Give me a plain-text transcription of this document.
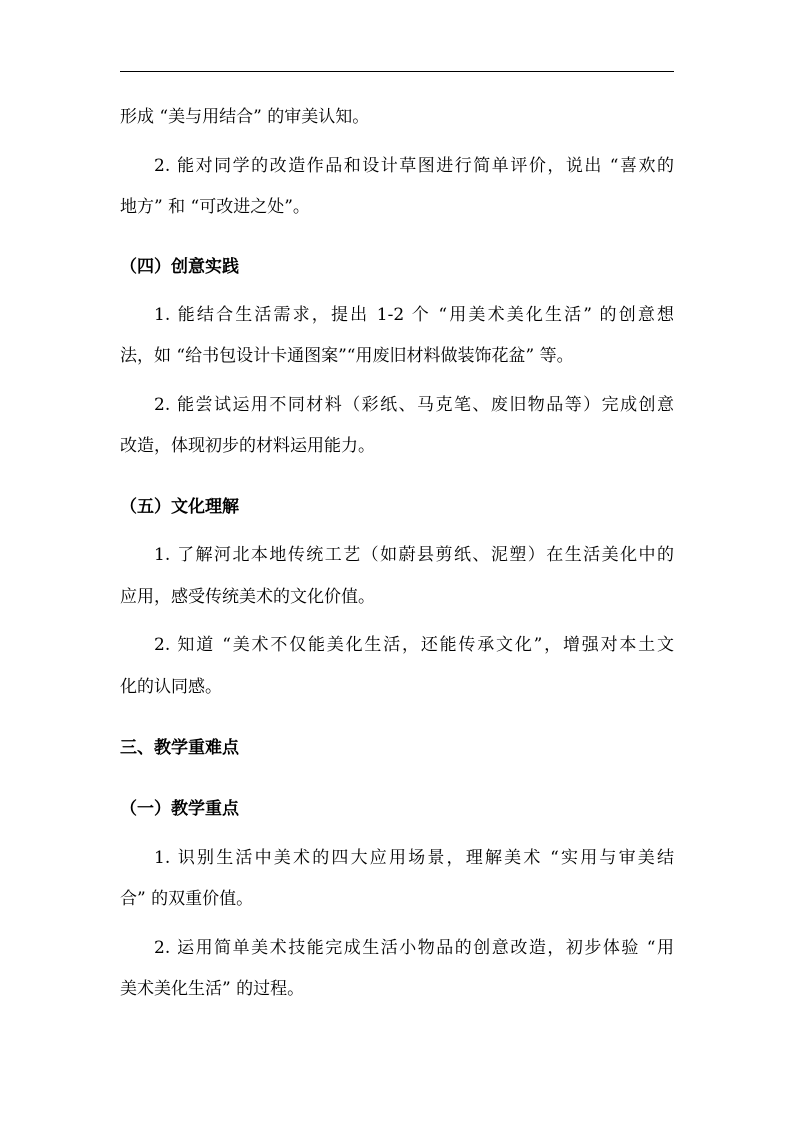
形成 “美与用结合” 的审美认知。
2. 能对同学的改造作品和设计草图进行简单评价，说出 “喜欢的
地方” 和 “可改进之处”。
（四）创意实践
1. 能结合生活需求，提出 1-2 个 “用美术美化生活” 的创意想
法，如 “给书包设计卡通图案”“用废旧材料做装饰花盆” 等。
2. 能尝试运用不同材料（彩纸、马克笔、废旧物品等）完成创意
改造，体现初步的材料运用能力。
（五）文化理解
1. 了解河北本地传统工艺（如蔚县剪纸、泥塑）在生活美化中的
应用，感受传统美术的文化价值。
2. 知道 “美术不仅能美化生活，还能传承文化”，增强对本土文
化的认同感。
三、教学重难点
（一）教学重点
1. 识别生活中美术的四大应用场景，理解美术 “实用与审美结
合” 的双重价值。
2. 运用简单美术技能完成生活小物品的创意改造，初步体验 “用
美术美化生活” 的过程。
